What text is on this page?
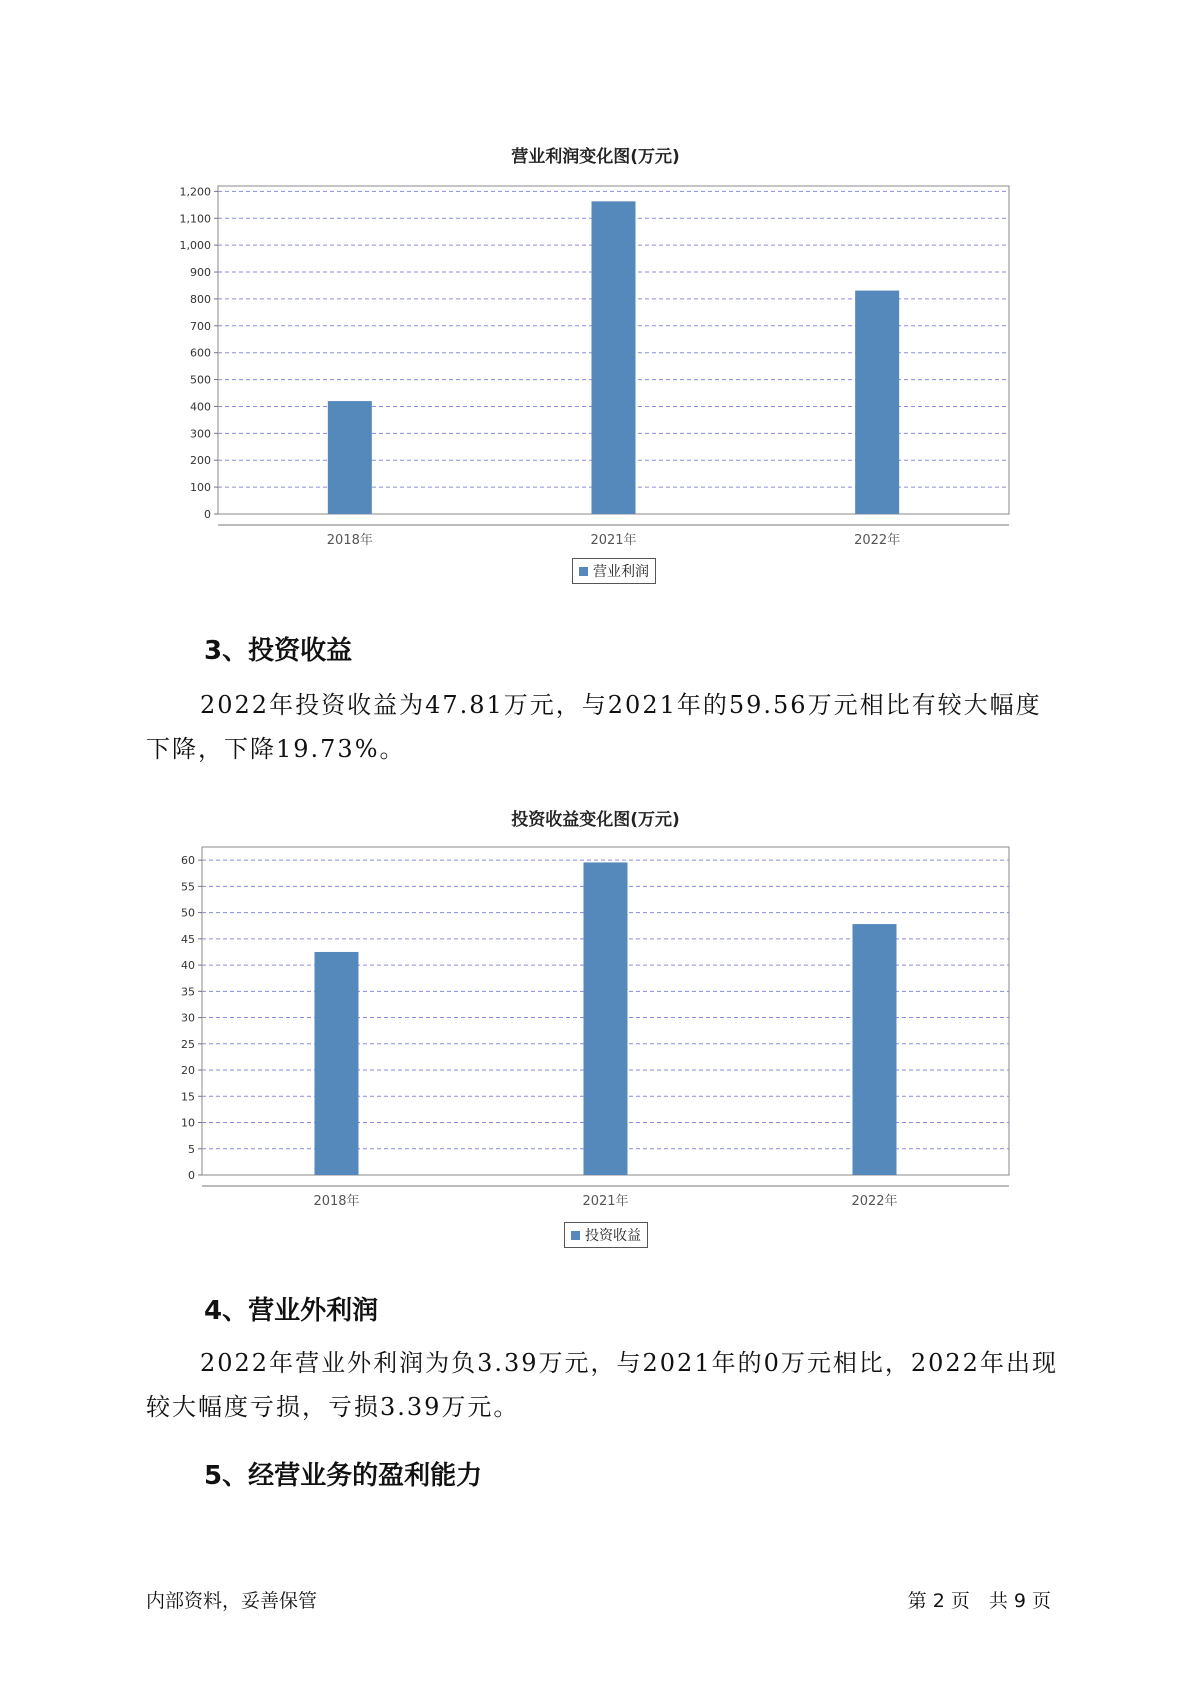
营业利润变化图(万元)
0
100
200
300
400
500
600
700
800
900
1,000
1,100
1,200
2018年	2021年	2022年
营业利润
3、投资收益

2022年投资收益为47.81万元，与2021年的59.56万元相比有较大幅度下降，下降19.73%。

投资收益变化图(万元)
0
5
10
15
20
25
30
35
40
45
50
55
60
2018年	2021年	2022年
投资收益
4、营业外利润

2022年营业外利润为负3.39万元，与2021年的0万元相比，2022年出现较大幅度亏损，亏损3.39万元。

5、经营业务的盈利能力
内部资料，妥善保管	第 2 页　共 9 页
